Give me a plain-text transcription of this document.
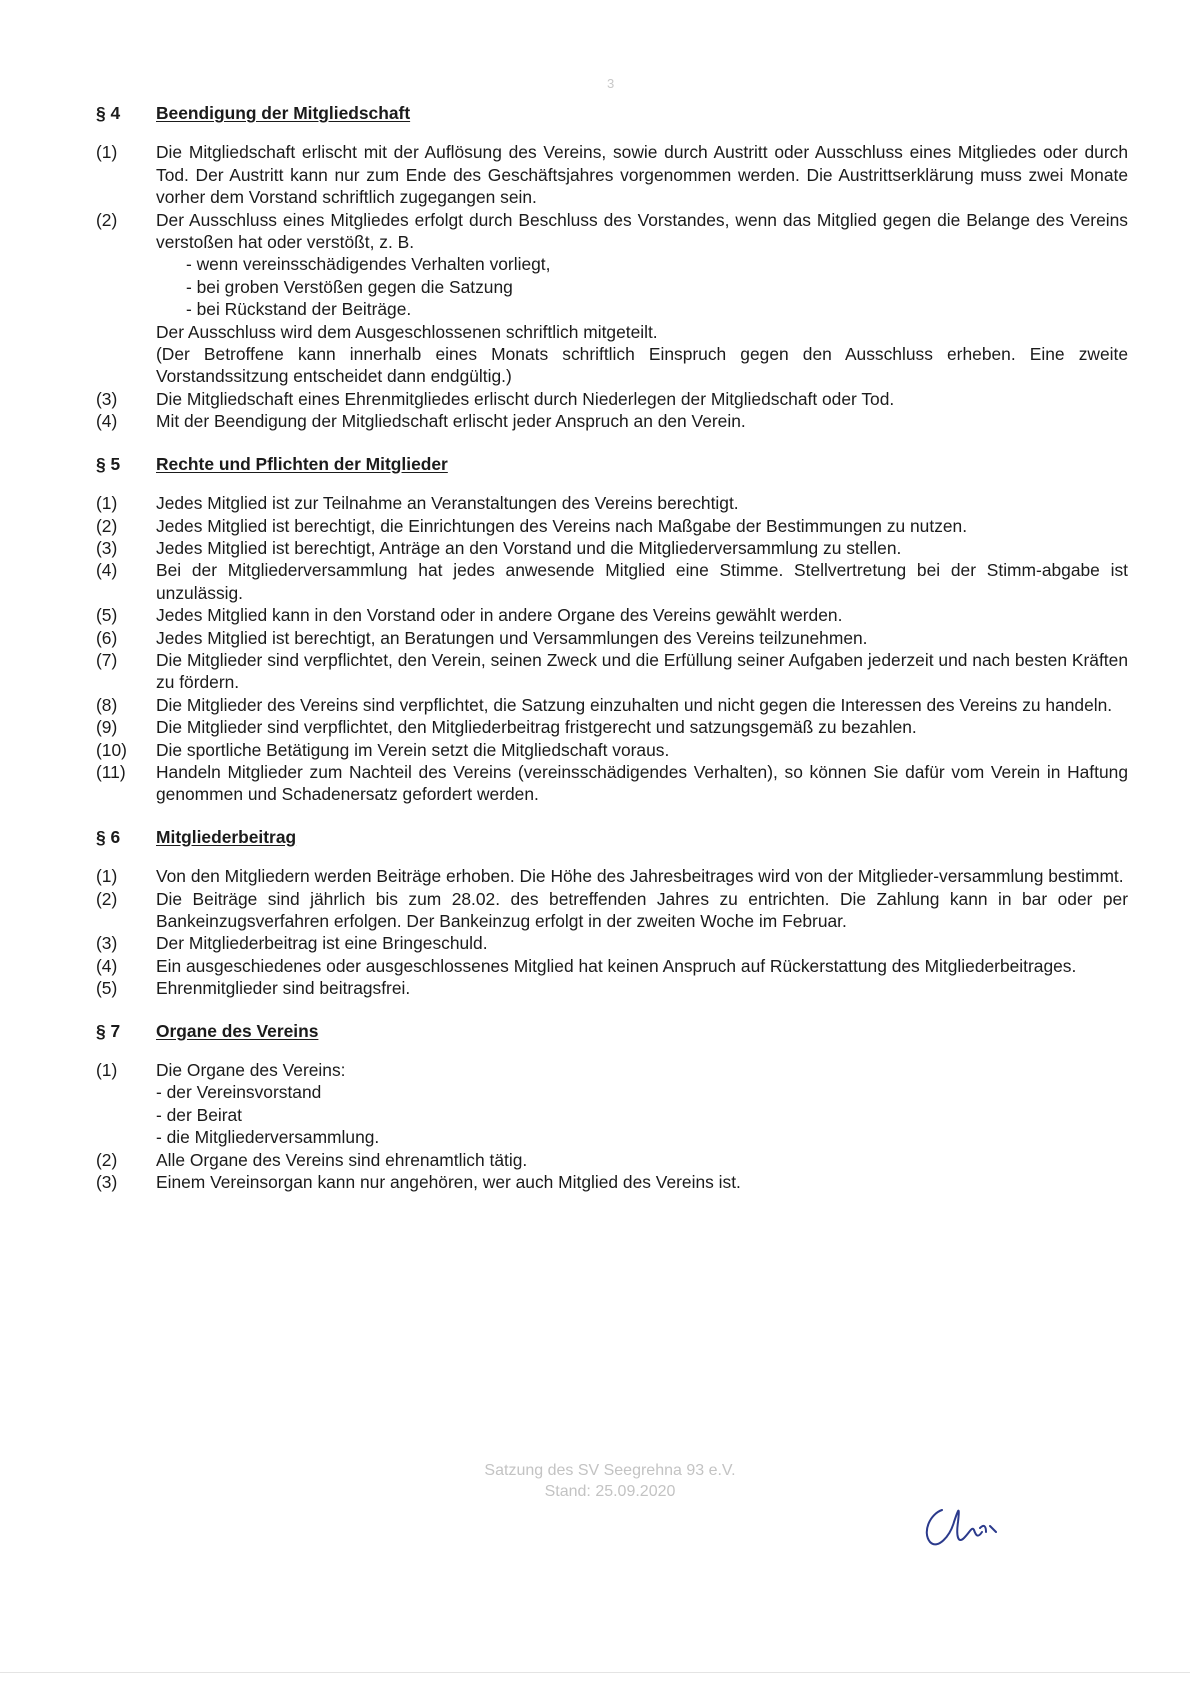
3
§ 4	Beendigung der Mitgliedschaft
(1)	Die Mitgliedschaft erlischt mit der Auflösung des Vereins, sowie durch Austritt oder Ausschluss eines Mitgliedes oder durch Tod. Der Austritt kann nur zum Ende des Geschäftsjahres vorgenommen werden. Die Austrittserklärung muss zwei Monate vorher dem Vorstand schriftlich zugegangen sein.
(2)	Der Ausschluss eines Mitgliedes erfolgt durch Beschluss des Vorstandes, wenn das Mitglied gegen die Belange des Vereins verstoßen hat oder verstößt, z. B.
- wenn vereinsschädigendes Verhalten vorliegt,
- bei groben Verstößen gegen die Satzung
- bei Rückstand der Beiträge.
Der Ausschluss wird dem Ausgeschlossenen schriftlich mitgeteilt.
(Der Betroffene kann innerhalb eines Monats schriftlich Einspruch gegen den Ausschluss erheben. Eine zweite Vorstandssitzung entscheidet dann endgültig.)
(3)	Die Mitgliedschaft eines Ehrenmitgliedes erlischt durch Niederlegen der Mitgliedschaft oder Tod.
(4)	Mit der Beendigung der Mitgliedschaft erlischt jeder Anspruch an den Verein.
§ 5	Rechte und Pflichten der Mitglieder
(1)	Jedes Mitglied ist zur Teilnahme an Veranstaltungen des Vereins berechtigt.
(2)	Jedes Mitglied ist berechtigt, die Einrichtungen des Vereins nach Maßgabe der Bestimmungen zu nutzen.
(3)	Jedes Mitglied ist berechtigt, Anträge an den Vorstand und die Mitgliederversammlung zu stellen.
(4)	Bei der Mitgliederversammlung hat jedes anwesende Mitglied eine Stimme. Stellvertretung bei der Stimm-abgabe ist unzulässig.
(5)	Jedes Mitglied kann in den Vorstand oder in andere Organe des Vereins gewählt werden.
(6)	Jedes Mitglied ist berechtigt, an Beratungen und Versammlungen des Vereins teilzunehmen.
(7)	Die Mitglieder sind verpflichtet, den Verein, seinen Zweck und die Erfüllung seiner Aufgaben jederzeit und nach besten Kräften zu fördern.
(8)	Die Mitglieder des Vereins sind verpflichtet, die Satzung einzuhalten und nicht gegen die Interessen des Vereins zu handeln.
(9)	Die Mitglieder sind verpflichtet, den Mitgliederbeitrag fristgerecht und satzungsgemäß zu bezahlen.
(10)	Die sportliche Betätigung im Verein setzt die Mitgliedschaft voraus.
(11)	Handeln Mitglieder zum Nachteil des Vereins (vereinsschädigendes Verhalten), so können Sie dafür vom Verein in Haftung genommen und Schadenersatz gefordert werden.
§ 6	Mitgliederbeitrag
(1)	Von den Mitgliedern werden Beiträge erhoben. Die Höhe des Jahresbeitrages wird von der Mitglieder-versammlung bestimmt.
(2)	Die Beiträge sind jährlich bis zum 28.02. des betreffenden Jahres zu entrichten. Die Zahlung kann in bar oder per Bankeinzugsverfahren erfolgen. Der Bankeinzug erfolgt in der zweiten Woche im Februar.
(3)	Der Mitgliederbeitrag ist eine Bringeschuld.
(4)	Ein ausgeschiedenes oder ausgeschlossenes Mitglied hat keinen Anspruch auf Rückerstattung des Mitgliederbeitrages.
(5)	Ehrenmitglieder sind beitragsfrei.
§ 7	Organe des Vereins
(1)	Die Organe des Vereins:
- der Vereinsvorstand
- der Beirat
- die Mitgliederversammlung.
(2)	Alle Organe des Vereins sind ehrenamtlich tätig.
(3)	Einem Vereinsorgan kann nur angehören, wer auch Mitglied des Vereins ist.
Satzung des SV Seegrehna 93 e.V.
Stand: 25.09.2020
